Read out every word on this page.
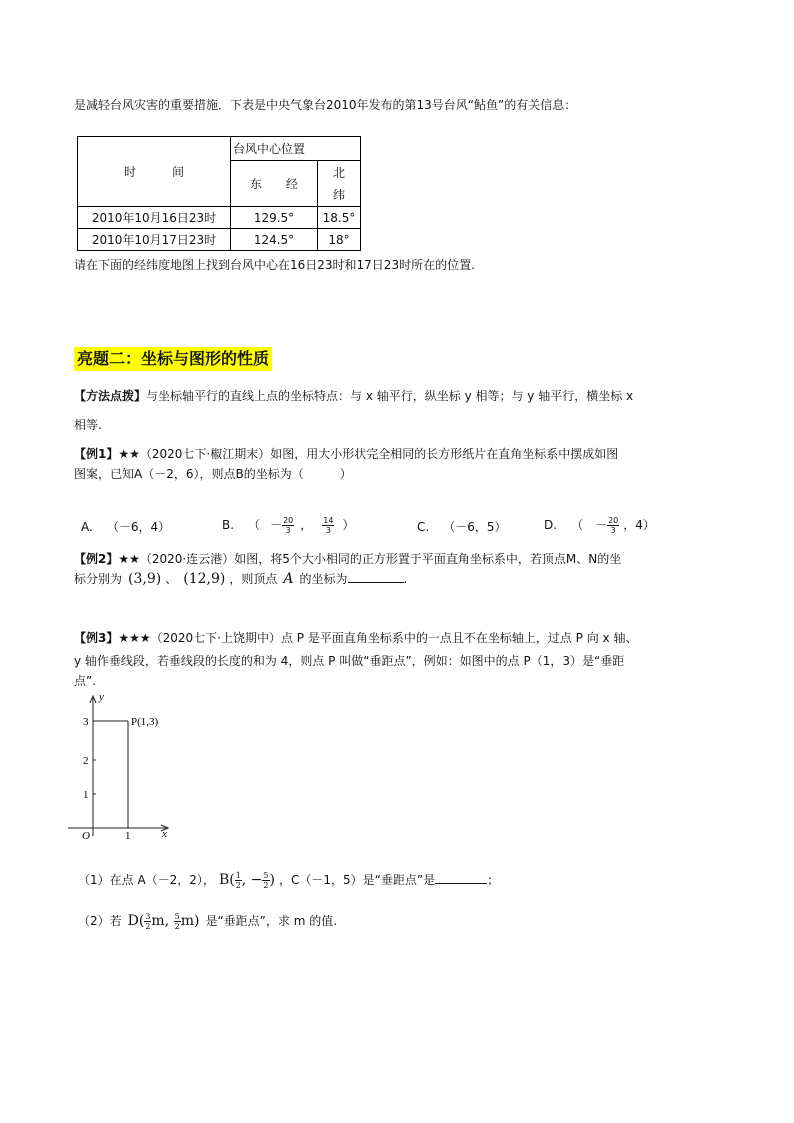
是减轻台风灾害的重要措施．下表是中央气象台2010年发布的第13号台风“鲇鱼”的有关信息：
时　　　间	台风中心位置	
	东　　经	北
纬
2010年10月16日23时	129.5°	18.5°
2010年10月17日23时	124.5°	18°
请在下面的经纬度地图上找到台风中心在16日23时和17日23时所在的位置.
亮题二：坐标与图形的性质
【方法点拨】与坐标轴平行的直线上点的坐标特点：与 x 轴平行，纵坐标 y 相等；与 y 轴平行，横坐标 x
相等.
【例1】★★（2020七下·椒江期末）如图，用大小形状完全相同的长方形纸片在直角坐标系中摆成如图
图案，已知A（－2，6），则点B的坐标为（　　　）
A. （－6，4）	B. （ － $\frac{20}{3}$ ， $\frac{14}{3}$ ）	C. （－6，5）	D. （ － $\frac{20}{3}$ ，4）
【例2】★★（2020·连云港）如图，将5个大小相同的正方形置于平面直角坐标系中，若顶点M、N的坐
标分别为 (3,9) 、 (12,9) ，则顶点 A 的坐标为	.
【例3】★★★（2020七下·上饶期中）点 P 是平面直角坐标系中的一点且不在坐标轴上，过点 P 向 x 轴、
y 轴作垂线段，若垂线段的长度的和为 4，则点 P 叫做“垂距点”，例如：如图中的点 P（1，3）是“垂距
点”.
y
x
O
3
2
1
1
P(1,3)
（1）在点 A（－2，2）， $B( \frac{1}{2}$ , − $\frac{5}{2}$ ) ，C（－1，5）是“垂距点”是	；
（2）若 $D( \frac{3}{2} m$, $\frac{5}{2} m$) 是“垂距点”，求 m 的值.
